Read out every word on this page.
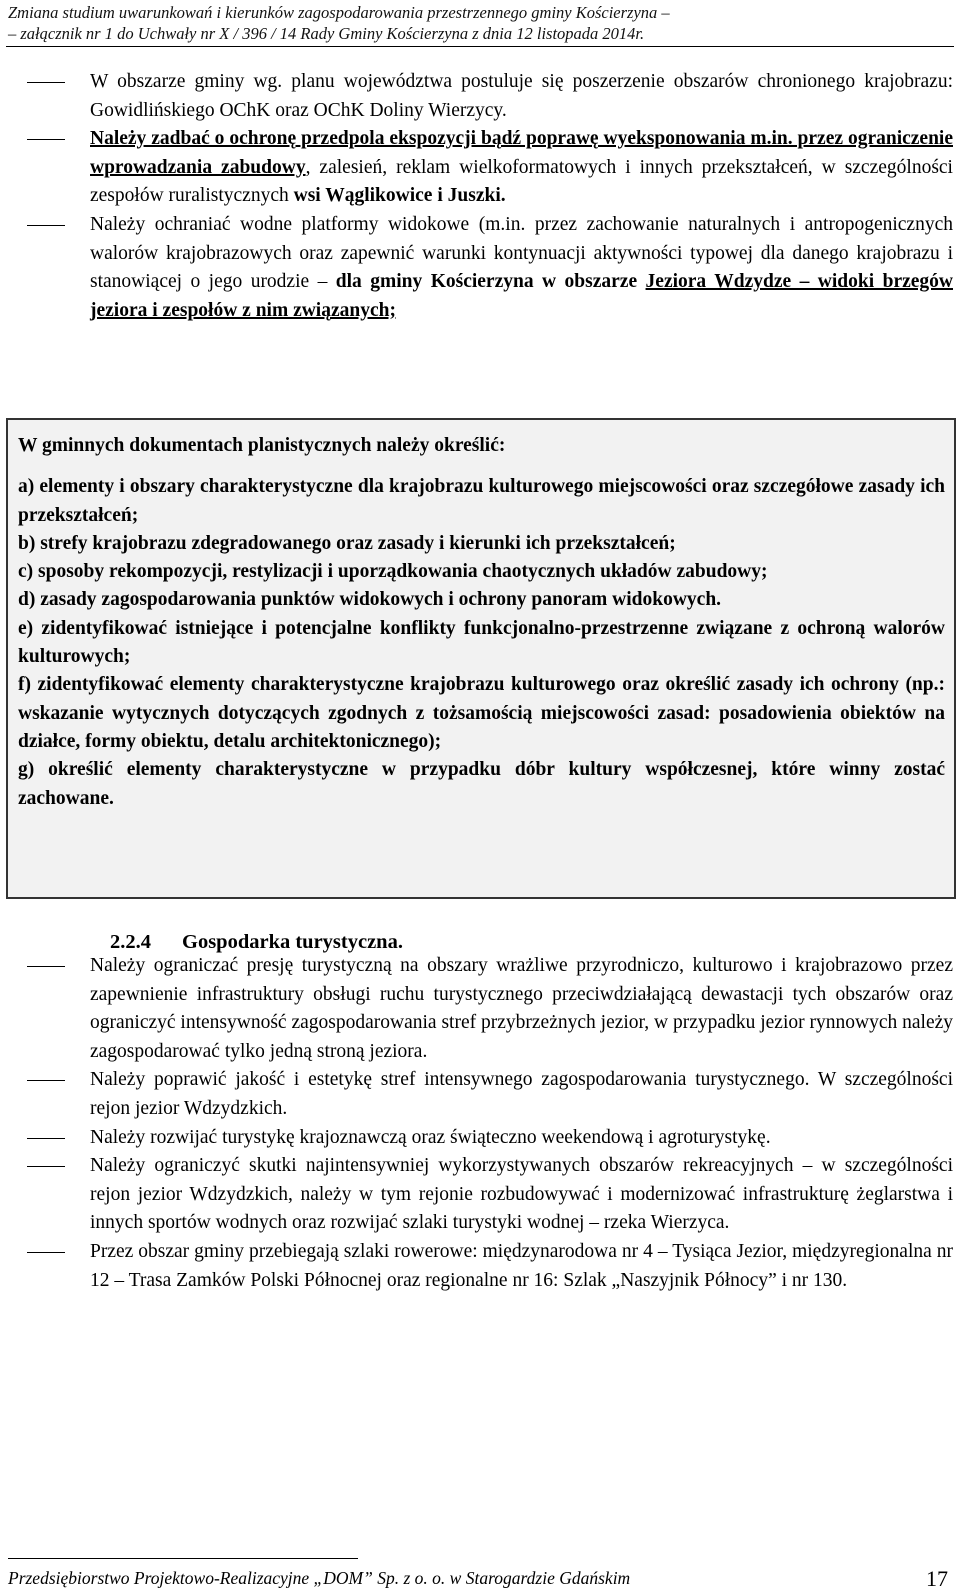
Zmiana studium uwarunkowań i kierunków zagospodarowania przestrzennego gminy Kościerzyna –
– załącznik nr 1 do Uchwały nr X / 396 / 14 Rady Gminy Kościerzyna z dnia 12 listopada 2014r.
W obszarze gminy wg. planu województwa postuluje się poszerzenie obszarów chronionego krajobrazu: Gowidlińskiego OChK oraz OChK Doliny Wierzycy.
Należy zadbać o ochronę przedpola ekspozycji bądź poprawę wyeksponowania m.in. przez ograniczenie wprowadzania zabudowy, zalesień, reklam wielkoformatowych i innych przekształceń, w szczególności zespołów ruralistycznych wsi Wąglikowice i Juszki.
Należy ochraniać wodne platformy widokowe (m.in. przez zachowanie naturalnych i antropogenicznych walorów krajobrazowych oraz zapewnić warunki kontynuacji aktywności typowej dla danego krajobrazu i stanowiącej o jego urodzie – dla gminy Kościerzyna w obszarze Jeziora Wdzydze – widoki brzegów jeziora i zespołów z nim związanych;
W gminnych dokumentach planistycznych należy określić:
a) elementy i obszary charakterystyczne dla krajobrazu kulturowego miejscowości oraz szczegółowe zasady ich przekształceń;
b) strefy krajobrazu zdegradowanego oraz zasady i kierunki ich przekształceń;
c) sposoby rekompozycji, restylizacji i uporządkowania chaotycznych układów zabudowy;
d) zasady zagospodarowania punktów widokowych i ochrony panoram widokowych.
e) zidentyfikować istniejące i potencjalne konflikty funkcjonalno-przestrzenne związane z ochroną walorów kulturowych;
f) zidentyfikować elementy charakterystyczne krajobrazu kulturowego oraz określić zasady ich ochrony (np.: wskazanie wytycznych dotyczących zgodnych z tożsamością miejscowości zasad: posadowienia obiektów na działce, formy obiektu, detalu architektonicznego);
g) określić elementy charakterystyczne w przypadku dóbr kultury współczesnej, które winny zostać zachowane.
2.2.4 Gospodarka turystyczna.
Należy ograniczać presję turystyczną na obszary wrażliwe przyrodniczo, kulturowo i krajobrazowo przez zapewnienie infrastruktury obsługi ruchu turystycznego przeciwdziałającą dewastacji tych obszarów oraz ograniczyć intensywność zagospodarowania stref przybrzeżnych jezior, w przypadku jezior rynnowych należy zagospodarować tylko jedną stroną jeziora.
Należy poprawić jakość i estetykę stref intensywnego zagospodarowania turystycznego. W szczególności rejon jezior Wdzydzkich.
Należy rozwijać turystykę krajoznawczą oraz świąteczno weekendową i agroturystykę.
Należy ograniczyć skutki najintensywniej wykorzystywanych obszarów rekreacyjnych – w szczególności rejon jezior Wdzydzkich, należy w tym rejonie rozbudowywać i modernizować infrastrukturę żeglarstwa i innych sportów wodnych oraz rozwijać szlaki turystyki wodnej – rzeka Wierzyca.
Przez obszar gminy przebiegają szlaki rowerowe: międzynarodowa nr 4 – Tysiąca Jezior, międzyregionalna nr 12 – Trasa Zamków Polski Północnej oraz regionalne nr 16: Szlak „Naszyjnik Północy” i nr 130.
Przedsiębiorstwo Projektowo-Realizacyjne „DOM” Sp. z o. o. w Starogardzie Gdańskim	17
